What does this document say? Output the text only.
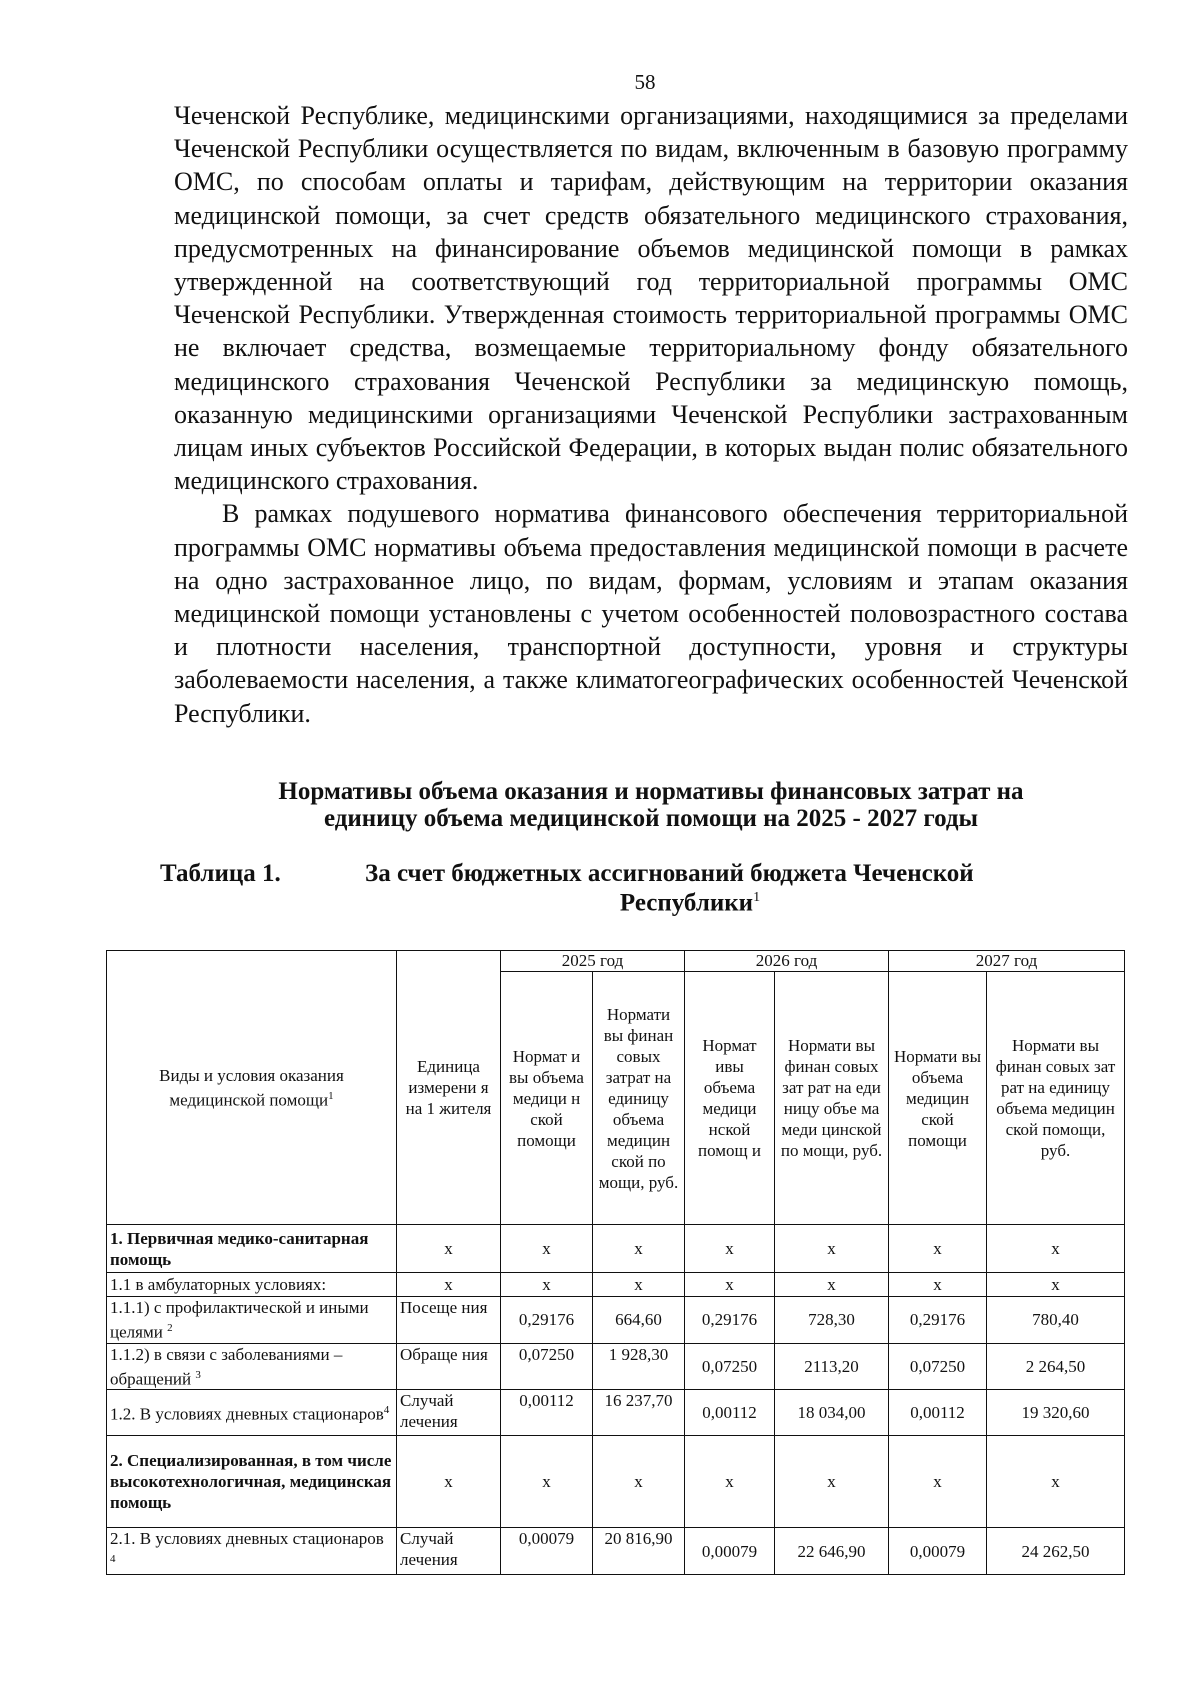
58

Чеченской Республике, медицинскими организациями, находящимися за пределами Чеченской Республики осуществляется по видам, включенным в базовую программу ОМС, по способам оплаты и тарифам, действующим на территории оказания медицинской помощи, за счет средств обязательного медицинского страхования, предусмотренных на финансирование объемов медицинской помощи в рамках утвержденной на соответствующий год территориальной программы ОМС Чеченской Республики. Утвержденная стоимость территориальной программы ОМС не включает средства, возмещаемые территориальному фонду обязательного медицинского страхования Чеченской Республики за медицинскую помощь, оказанную медицинскими организациями Чеченской Республики застрахованным лицам иных субъектов Российской Федерации, в которых выдан полис обязательного медицинского страхования.

В рамках подушевого норматива финансового обеспечения территориальной программы ОМС нормативы объема предоставления медицинской помощи в расчете на одно застрахованное лицо, по видам, формам, условиям и этапам оказания медицинской помощи установлены с учетом особенностей половозрастного состава и плотности населения, транспортной доступности, уровня и структуры заболеваемости населения, а также климатогеографических особенностей Чеченской Республики.

Нормативы объема оказания и нормативы финансовых затрат на
единицу объема медицинской помощи на 2025 - 2027 годы
Таблица 1.	За счет бюджетных ассигнований бюджета Чеченской
Республики$^1$
Виды и условия оказания медицинской помощи$^1$	Единица измерени я на 1 жителя	2025 год		2026 год		2027 год	
		Нормат и вы объема медици н ской помощи	Нормати вы финан совых затрат на единицу объема медицин ской по мощи, руб.	Нормат ивы объема медици нской помощ и	Нормати вы финан совых зат рат на еди ницу объе ма меди цинской по мощи, руб.	Нормати вы объема медицин ской помощи	Нормати вы финан совых зат рат на единицу объема медицин ской помощи, руб.
1. Первичная медико-санитарная помощь	x	x	x	x	x	x	x
1.1 в амбулаторных условиях:	x	x	x	x	x	x	x
1.1.1) с профилактической и иными целями $^2$	Посеще ния	0,29176	664,60	0,29176	728,30	0,29176	780,40
1.1.2) в связи с заболеваниями – обращений $^3$	Обраще ния	0,07250	1 928,30	0,07250	2113,20	0,07250	2 264,50
1.2. В условиях дневных стационаров$^4$	Случай лечения	0,00112	16 237,70	0,00112	18 034,00	0,00112	19 320,60
2. Специализированная, в том числе высокотехнологичная, медицинская помощь	x	x	x	x	x	x	x
2.1. В условиях дневных стационаров $^4$	Случай лечения	0,00079	20 816,90	0,00079	22 646,90	0,00079	24 262,50
